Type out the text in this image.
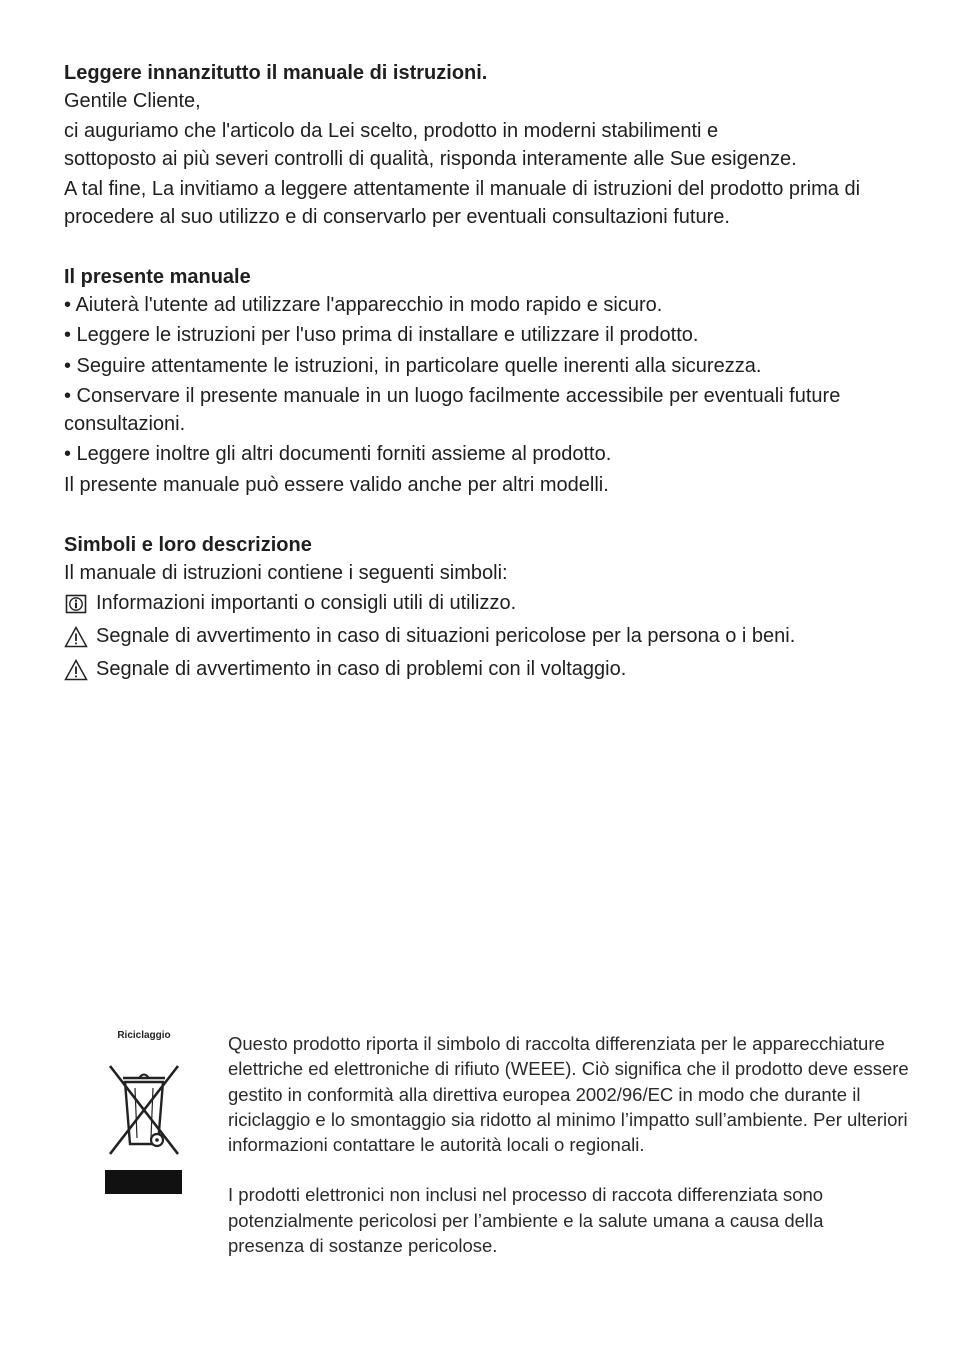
Leggere innanzitutto il manuale di istruzioni.
Gentile Cliente,
ci auguriamo che l'articolo da Lei scelto, prodotto in moderni stabilimenti e sottoposto ai più severi controlli di qualità, risponda interamente alle Sue esigenze.
A tal fine, La invitiamo a leggere attentamente il manuale di istruzioni del prodotto prima di procedere al suo utilizzo e di conservarlo per eventuali consultazioni future.
Il presente manuale
• Aiuterà l'utente ad utilizzare l'apparecchio in modo rapido e sicuro.
• Leggere le istruzioni per l'uso prima di installare e utilizzare il prodotto.
• Seguire attentamente le istruzioni, in particolare quelle inerenti alla sicurezza.
• Conservare il presente manuale in un luogo facilmente accessibile per eventuali future consultazioni.
• Leggere inoltre gli altri documenti forniti assieme al prodotto.
Il presente manuale può essere valido anche per altri modelli.
Simboli e loro descrizione
Il manuale di istruzioni contiene i seguenti simboli:
Informazioni importanti o consigli utili di utilizzo.
Segnale di avvertimento in caso di situazioni pericolose per la persona o i beni.
Segnale di avvertimento in caso di problemi con il voltaggio.
Riciclaggio	Questo prodotto riporta il simbolo di raccolta differenziata per le apparecchiature elettriche ed elettroniche di rifiuto (WEEE). Ciò significa che il prodotto deve essere gestito in conformità alla direttiva europea 2002/96/EC in modo che durante il riciclaggio e lo smontaggio sia ridotto al minimo l’impatto sull’ambiente. Per ulteriori informazioni contattare le autorità locali o regionali.
I prodotti elettronici non inclusi nel processo di raccota differenziata sono potenzialmente pericolosi per l’ambiente e la salute umana a causa della presenza di sostanze pericolose.
